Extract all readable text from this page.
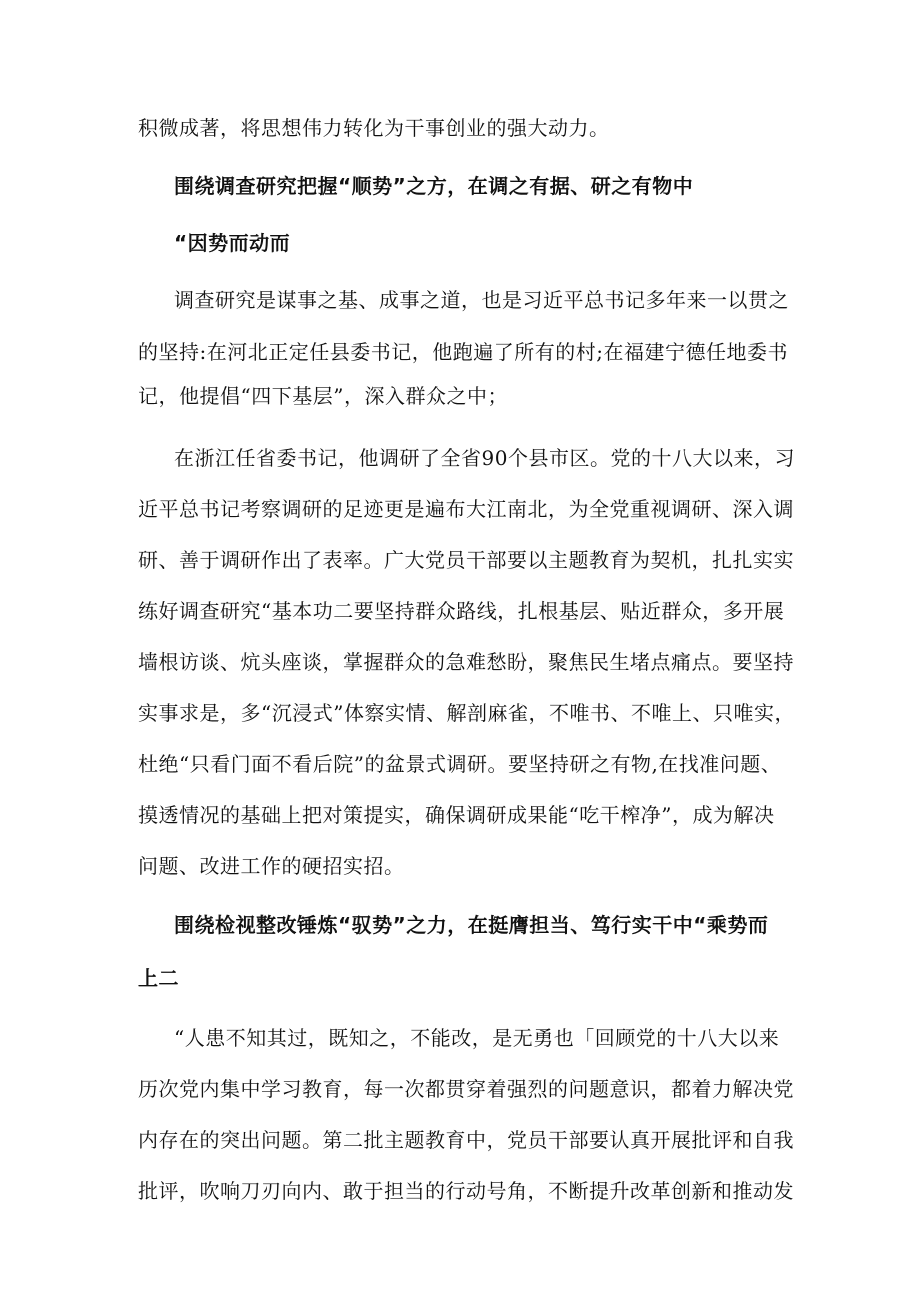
积微成著，将思想伟力转化为干事创业的强大动力。
围绕调查研究把握“顺势”之方，在调之有据、研之有物中
“因势而动而
调查研究是谋事之基、成事之道，也是习近平总书记多年来一以贯之
的坚持:在河北正定任县委书记，他跑遍了所有的村;在福建宁德任地委书
记，他提倡“四下基层”，深入群众之中；
在浙江任省委书记，他调研了全省90个县市区。党的十八大以来，习
近平总书记考察调研的足迹更是遍布大江南北，为全党重视调研、深入调
研、善于调研作出了表率。广大党员干部要以主题教育为契机，扎扎实实
练好调查研究“基本功二要坚持群众路线，扎根基层、贴近群众，多开展
墙根访谈、炕头座谈，掌握群众的急难愁盼，聚焦民生堵点痛点。要坚持
实事求是，多“沉浸式”体察实情、解剖麻雀，不唯书、不唯上、只唯实，
杜绝“只看门面不看后院”的盆景式调研。要坚持研之有物,在找准问题、
摸透情况的基础上把对策提实，确保调研成果能“吃干榨净”，成为解决
问题、改进工作的硬招实招。
围绕检视整改锤炼“驭势”之力，在挺膺担当、笃行实干中“乘势而
上二
“人患不知其过，既知之，不能改，是无勇也「回顾党的十八大以来
历次党内集中学习教育，每一次都贯穿着强烈的问题意识，都着力解决党
内存在的突出问题。第二批主题教育中，党员干部要认真开展批评和自我
批评，吹响刀刃向内、敢于担当的行动号角，不断提升改革创新和推动发
